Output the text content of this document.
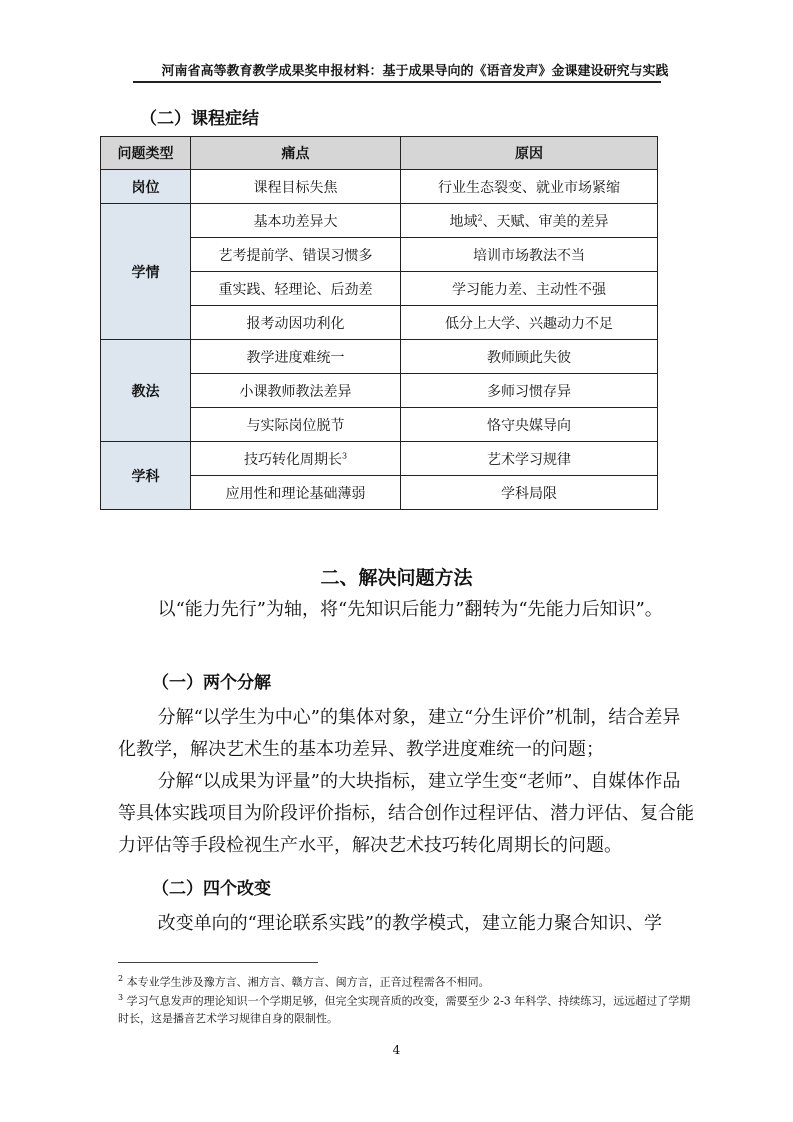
河南省高等教育教学成果奖申报材料：基于成果导向的《语音发声》金课建设研究与实践
（二）课程症结
问题类型	痛点	原因
岗位	课程目标失焦	行业生态裂变、就业市场紧缩
学情	基本功差异大	地域$^2$、天赋、审美的差异
	艺考提前学、错误习惯多	培训市场教法不当
	重实践、轻理论、后劲差	学习能力差、主动性不强
	报考动因功利化	低分上大学、兴趣动力不足
教法	教学进度难统一	教师顾此失彼
	小课教师教法差异	多师习惯存异
	与实际岗位脱节	恪守央媒导向
学科	技巧转化周期长$^3$	艺术学习规律
	应用性和理论基础薄弱	学科局限
二、解决问题方法

以“能力先行”为轴，将“先知识后能力”翻转为“先能力后知识”。

（一）两个分解

分解“以学生为中心”的集体对象，建立“分生评价”机制，结合差异化教学，解决艺术生的基本功差异、教学进度难统一的问题；

分解“以成果为评量”的大块指标，建立学生变“老师”、自媒体作品等具体实践项目为阶段评价指标，结合创作过程评估、潜力评估、复合能力评估等手段检视生产水平，解决艺术技巧转化周期长的问题。

（二）四个改变

改变单向的“理论联系实践”的教学模式，建立能力聚合知识、学

$^2$ 本专业学生涉及豫方言、湘方言、赣方言、闽方言，正音过程需各不相同。
$^3$ 学习气息发声的理论知识一个学期足够，但完全实现音质的改变，需要至少 2-3 年科学、持续练习，远远超过了学期时长，这是播音艺术学习规律自身的限制性。
4
